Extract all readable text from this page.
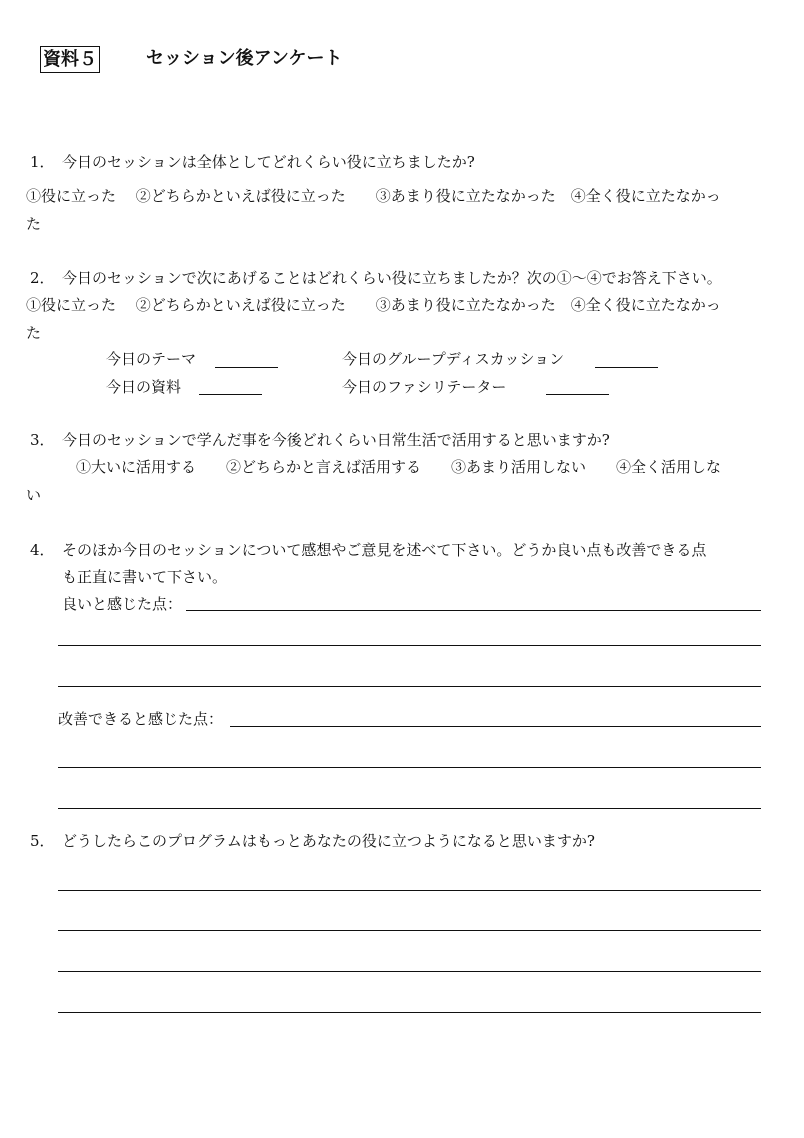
資料５	セッション後アンケート
1． 今日のセッションは全体としてどれくらい役に立ちましたか?
①役に立った　 ②どちらかといえば役に立った　　③あまり役に立たなかった　④全く役に立たなかっ
た
2． 今日のセッションで次にあげることはどれくらい役に立ちましたか？次の①～④でお答え下さい。
①役に立った　 ②どちらかといえば役に立った　　③あまり役に立たなかった　④全く役に立たなかっ
た
今日のテーマ	今日のグループディスカッション
今日の資料	今日のファシリテーター
3． 今日のセッションで学んだ事を今後どれくらい日常生活で活用すると思いますか?
①大いに活用する　　②どちらかと言えば活用する　　③あまり活用しない　　④全く活用しな
い
4． そのほか今日のセッションについて感想やご意見を述べて下さい。どうか良い点も改善できる点
も正直に書いて下さい。
良いと感じた点：
改善できると感じた点：
5． どうしたらこのプログラムはもっとあなたの役に立つようになると思いますか?
